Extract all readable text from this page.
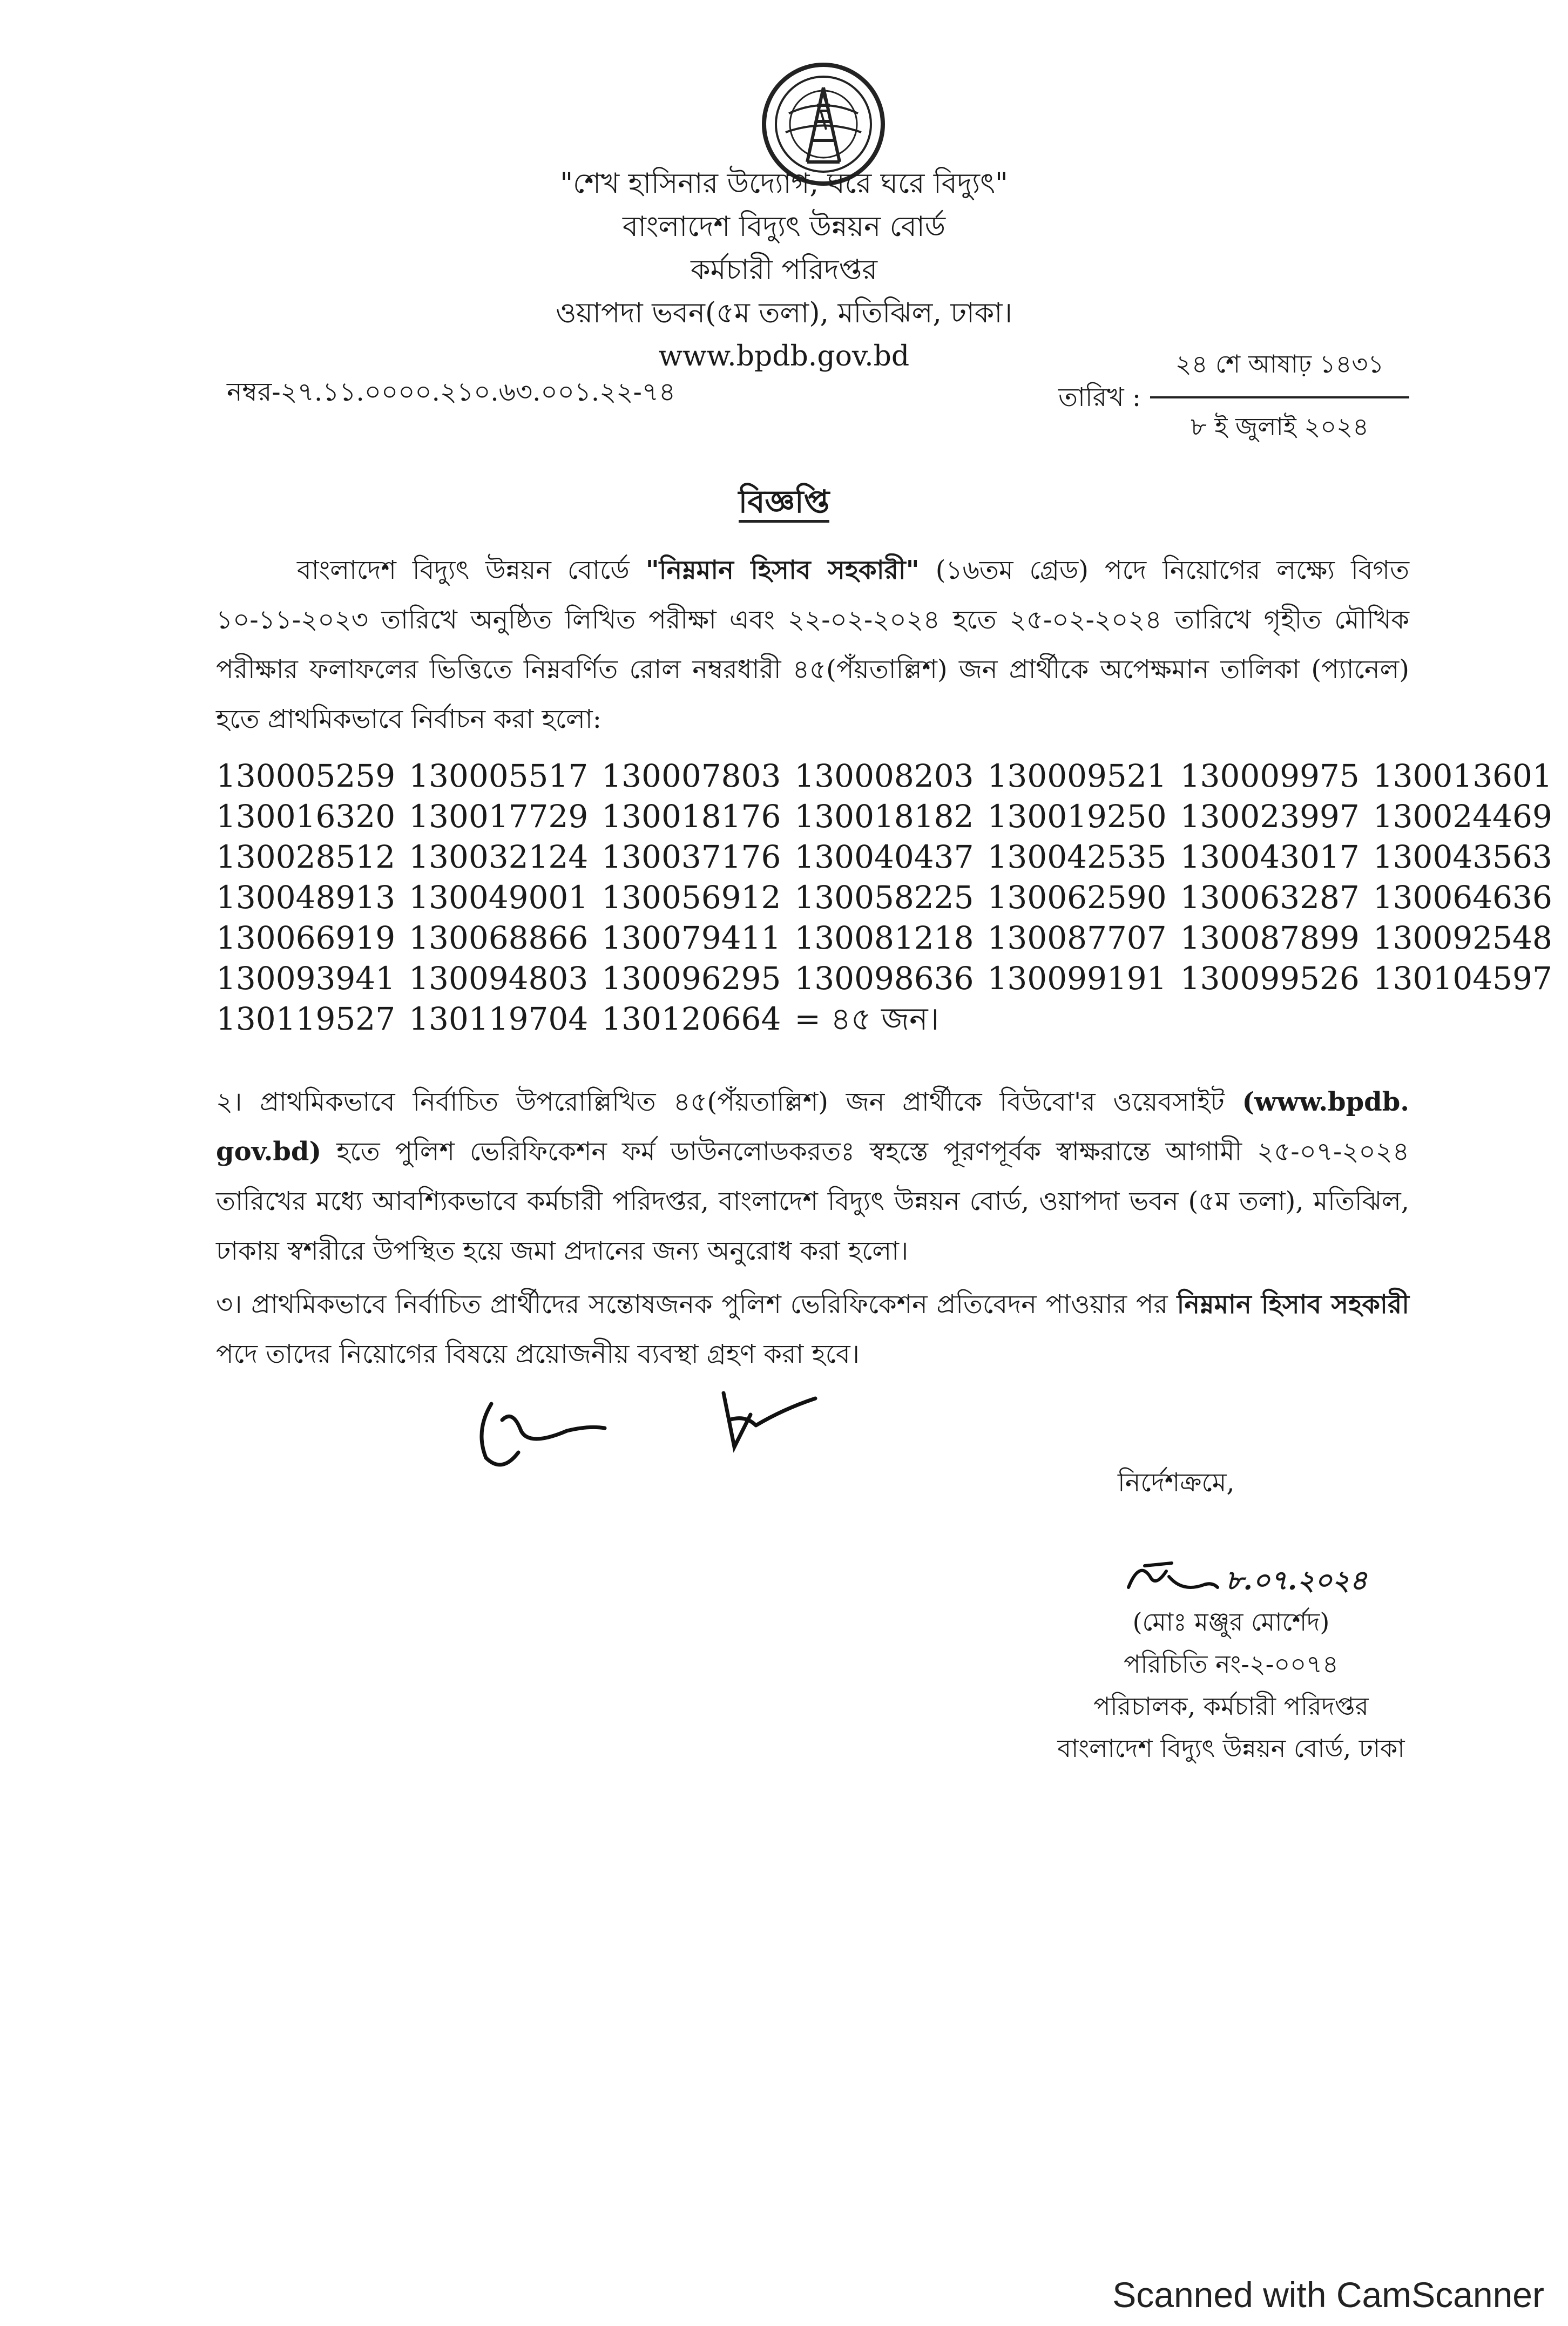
"শেখ হাসিনার উদ্যোগ, ঘরে ঘরে বিদ্যুৎ"
বাংলাদেশ বিদ্যুৎ উন্নয়ন বোর্ড
কর্মচারী পরিদপ্তর
ওয়াপদা ভবন(৫ম তলা), মতিঝিল, ঢাকা।
www.bpdb.gov.bd
নম্বর-২৭.১১.০০০০.২১০.৬৩.০০১.২২-৭৪	তারিখ :
২৪ শে আষাঢ় ১৪৩১
৮ ই জুলাই ২০২৪
বিজ্ঞপ্তি
বাংলাদেশ বিদ্যুৎ উন্নয়ন বোর্ডে "নিম্নমান হিসাব সহকারী" (১৬তম গ্রেড) পদে নিয়োগের লক্ষ্যে বিগত ১০-১১-২০২৩ তারিখে অনুষ্ঠিত লিখিত পরীক্ষা এবং ২২-০২-২০২৪ হতে ২৫-০২-২০২৪ তারিখে গৃহীত মৌখিক পরীক্ষার ফলাফলের ভিত্তিতে নিম্নবর্ণিত রোল নম্বরধারী ৪৫(পঁয়তাল্লিশ) জন প্রার্থীকে অপেক্ষমান তালিকা (প্যানেল) হতে প্রাথমিকভাবে নির্বাচন করা হলো:
130005259 130005517 130007803 130008203 130009521 130009975 130013601
130016320 130017729 130018176 130018182 130019250 130023997 130024469
130028512 130032124 130037176 130040437 130042535 130043017 130043563
130048913 130049001 130056912 130058225 130062590 130063287 130064636
130066919 130068866 130079411 130081218 130087707 130087899 130092548
130093941 130094803 130096295 130098636 130099191 130099526 130104597
130119527 130119704 130120664 = ৪৫ জন।
২। প্রাথমিকভাবে নির্বাচিত উপরোল্লিখিত ৪৫(পঁয়তাল্লিশ) জন প্রার্থীকে বিউবো'র ওয়েবসাইট (www.bpdb. gov.bd) হতে পুলিশ ভেরিফিকেশন ফর্ম ডাউনলোডকরতঃ স্বহস্তে পূরণপূর্বক স্বাক্ষরান্তে আগামী ২৫-০৭-২০২৪ তারিখের মধ্যে আবশ্যিকভাবে কর্মচারী পরিদপ্তর, বাংলাদেশ বিদ্যুৎ উন্নয়ন বোর্ড, ওয়াপদা ভবন (৫ম তলা), মতিঝিল, ঢাকায় স্বশরীরে উপস্থিত হয়ে জমা প্রদানের জন্য অনুরোধ করা হলো।
৩। প্রাথমিকভাবে নির্বাচিত প্রার্থীদের সন্তোষজনক পুলিশ ভেরিফিকেশন প্রতিবেদন পাওয়ার পর নিম্নমান হিসাব সহকারী পদে তাদের নিয়োগের বিষয়ে প্রয়োজনীয় ব্যবস্থা গ্রহণ করা হবে।
নির্দেশক্রমে,
৮.০৭.২০২৪
(মোঃ মঞ্জুর মোর্শেদ)
পরিচিতি নং-২-০০৭৪
পরিচালক, কর্মচারী পরিদপ্তর
বাংলাদেশ বিদ্যুৎ উন্নয়ন বোর্ড, ঢাকা
Scanned with CamScanner
